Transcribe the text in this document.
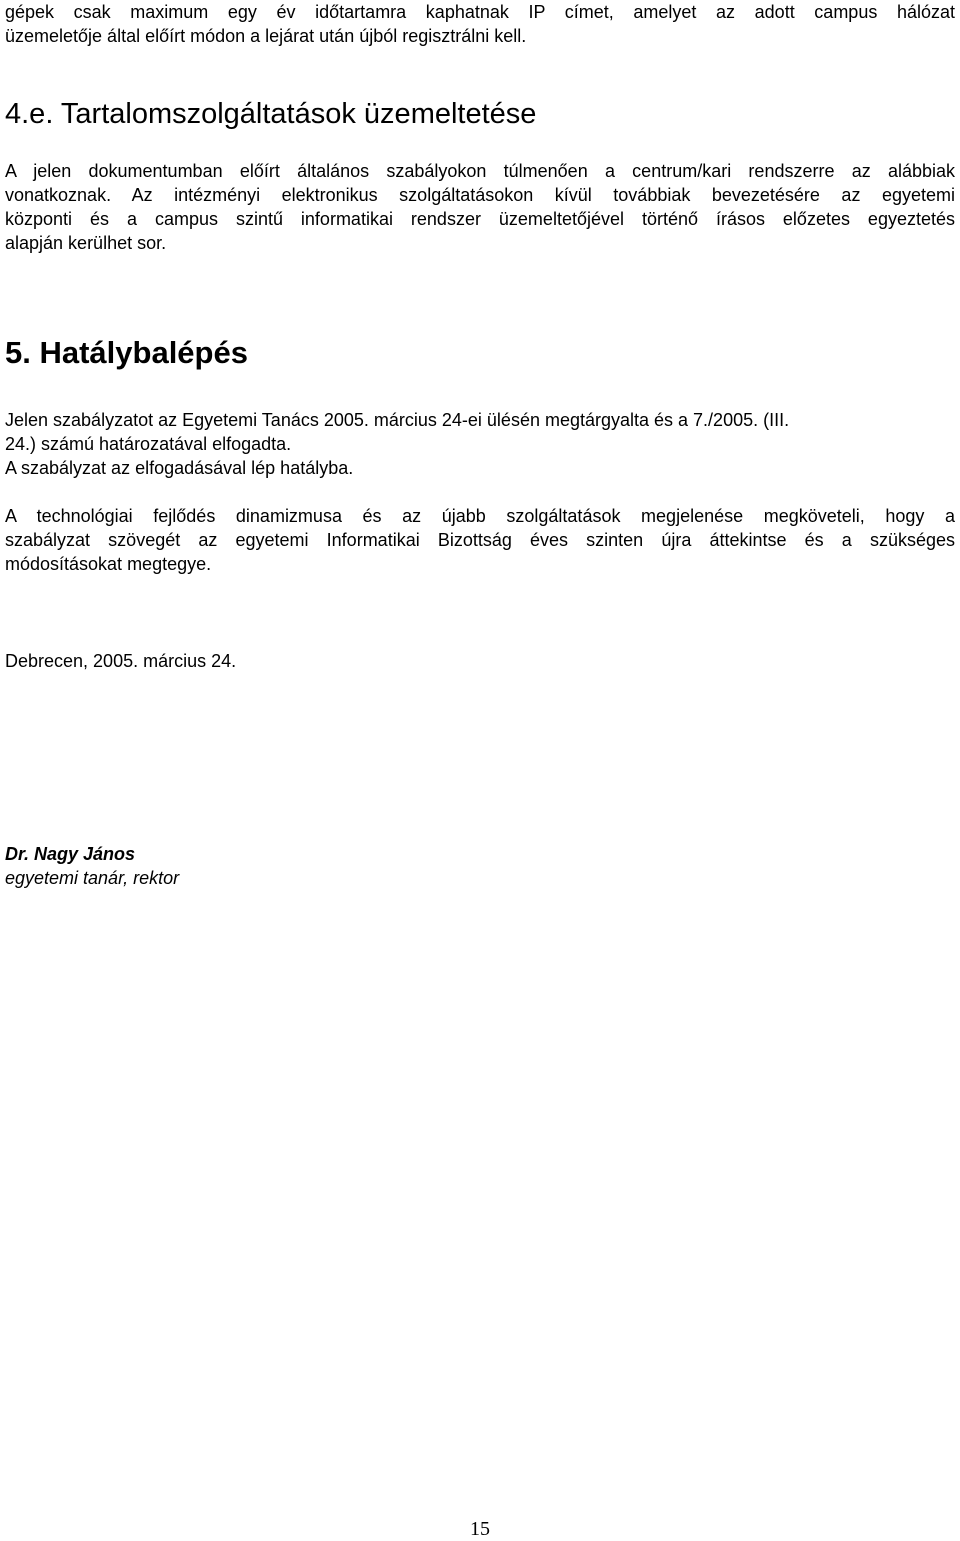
gépek csak maximum egy év időtartamra kaphatnak IP címet, amelyet az adott campus hálózat
üzemeletője által előírt módon a lejárat után újból regisztrálni kell.
4.e. Tartalomszolgáltatások üzemeltetése
A jelen dokumentumban előírt általános szabályokon túlmenően a centrum/kari rendszerre az alábbiak
vonatkoznak. Az intézményi elektronikus szolgáltatásokon kívül továbbiak bevezetésére az egyetemi
központi és a campus szintű informatikai rendszer üzemeltetőjével történő írásos előzetes egyeztetés
alapján kerülhet sor.
5. Hatálybalépés
Jelen szabályzatot az Egyetemi Tanács 2005. március 24-ei ülésén megtárgyalta és a 7./2005. (III.
24.) számú határozatával elfogadta.
A szabályzat az elfogadásával lép hatályba.
A technológiai fejlődés dinamizmusa és az újabb szolgáltatások megjelenése megköveteli, hogy a
szabályzat szövegét az egyetemi Informatikai Bizottság éves szinten újra áttekintse és a szükséges
módosításokat megtegye.
Debrecen, 2005. március 24.
Dr. Nagy János
egyetemi tanár, rektor
15
